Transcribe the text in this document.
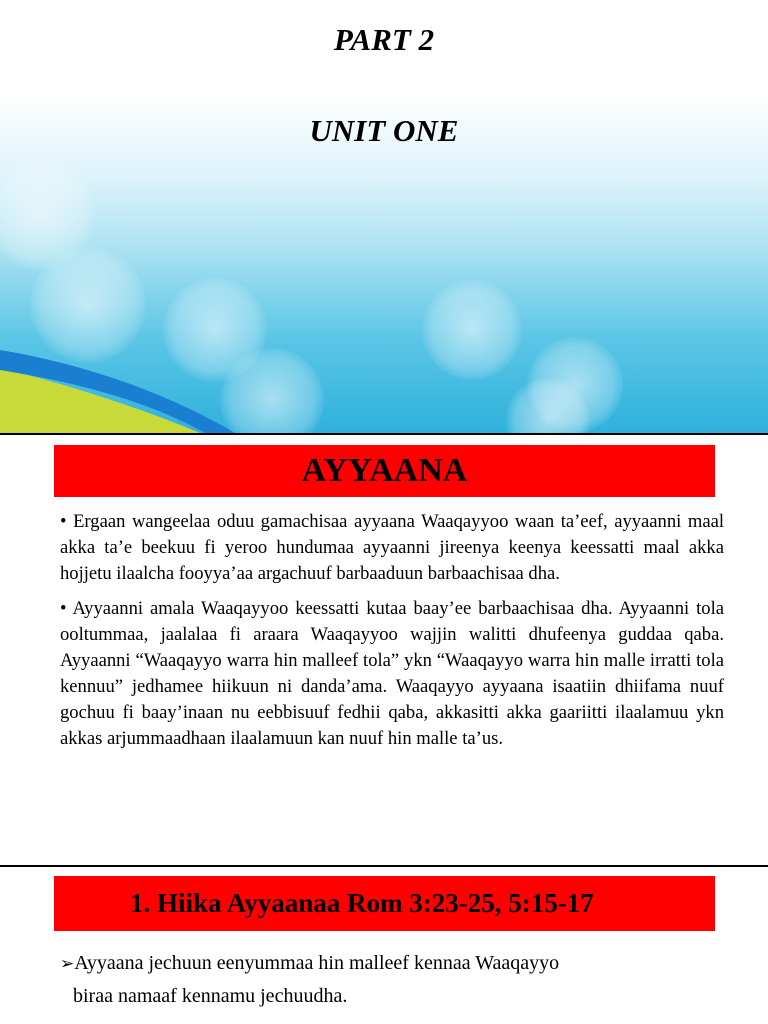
PART 2
UNIT ONE
AYYAANA

• Ergaan wangeelaa oduu gamachisaa ayyaana Waaqayyoo waan ta’eef, ayyaanni maal akka ta’e beekuu fi yeroo hundumaa ayyaanni jireenya keenya keessatti maal akka hojjetu ilaalcha fooyya’aa argachuuf barbaaduun barbaachisaa dha.

• Ayyaanni amala Waaqayyoo keessatti kutaa baay’ee barbaachisaa dha. Ayyaanni tola ooltummaa, jaalalaa fi araara Waaqayyoo wajjin walitti dhufeenya guddaa qaba. Ayyaanni “Waaqayyo warra hin malleef tola” ykn “Waaqayyo warra hin malle irratti tola kennuu” jedhamee hiikuun ni danda’ama. Waaqayyo ayyaana isaatiin dhiifama nuuf gochuu fi baay’inaan nu eebbisuuf fedhii qaba, akkasitti akka gaariitti ilaalamuu ykn akkas arjummaadhaan ilaalamuun kan nuuf hin malle ta’us.

1. Hiika Ayyaanaa Rom 3:23-25, 5:15-17
➢Ayyaana jechuun eenyummaa hin malleef kennaa Waaqayyo
biraa namaaf kennamu jechuudha.
